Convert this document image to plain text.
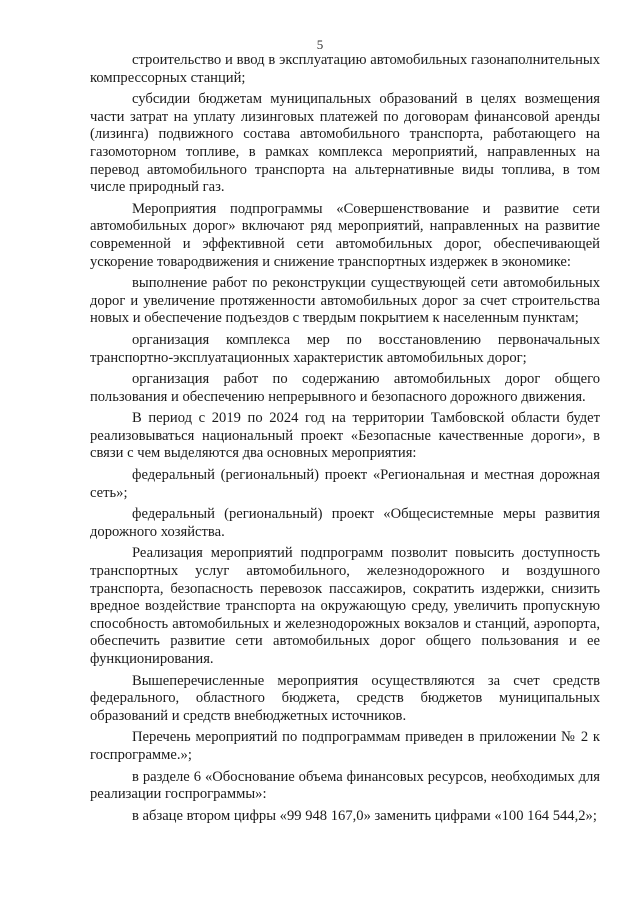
5

строительство и ввод в эксплуатацию автомобильных газонаполнительных компрессорных станций;

субсидии бюджетам муниципальных образований в целях возмещения части затрат на уплату лизинговых платежей по договорам финансовой аренды (лизинга) подвижного состава автомобильного транспорта, работающего на газомоторном топливе, в рамках комплекса мероприятий, направленных на перевод автомобильного транспорта на альтернативные виды топлива, в том числе природный газ.

Мероприятия подпрограммы «Совершенствование и развитие сети автомобильных дорог» включают ряд мероприятий, направленных на развитие современной и эффективной сети автомобильных дорог, обеспечивающей ускорение товародвижения и снижение транспортных издержек в экономике:

выполнение работ по реконструкции существующей сети автомобильных дорог и увеличение протяженности автомобильных дорог за счет строительства новых и обеспечение подъездов с твердым покрытием к населенным пунктам;

организация комплекса мер по восстановлению первоначальных транспортно-эксплуатационных характеристик автомобильных дорог;

организация работ по содержанию автомобильных дорог общего пользования и обеспечению непрерывного и безопасного дорожного движения.

В период с 2019 по 2024 год на территории Тамбовской области будет реализовываться национальный проект «Безопасные качественные дороги», в связи с чем выделяются два основных мероприятия:

федеральный (региональный) проект «Региональная и местная дорожная сеть»;

федеральный (региональный) проект «Общесистемные меры развития дорожного хозяйства.

Реализация мероприятий подпрограмм позволит повысить доступность транспортных услуг автомобильного, железнодорожного и воздушного транспорта, безопасность перевозок пассажиров, сократить издержки, снизить вредное воздействие транспорта на окружающую среду, увеличить пропускную способность автомобильных и железнодорожных вокзалов и станций, аэропорта, обеспечить развитие сети автомобильных дорог общего пользования и ее функционирования.

Вышеперечисленные мероприятия осуществляются за счет средств федерального, областного бюджета, средств бюджетов муниципальных образований и средств внебюджетных источников.

Перечень мероприятий по подпрограммам приведен в приложении № 2 к госпрограмме.»;

в разделе 6 «Обоснование объема финансовых ресурсов, необходимых для реализации госпрограммы»:

в абзаце втором цифры «99 948 167,0» заменить цифрами «100 164 544,2»;
